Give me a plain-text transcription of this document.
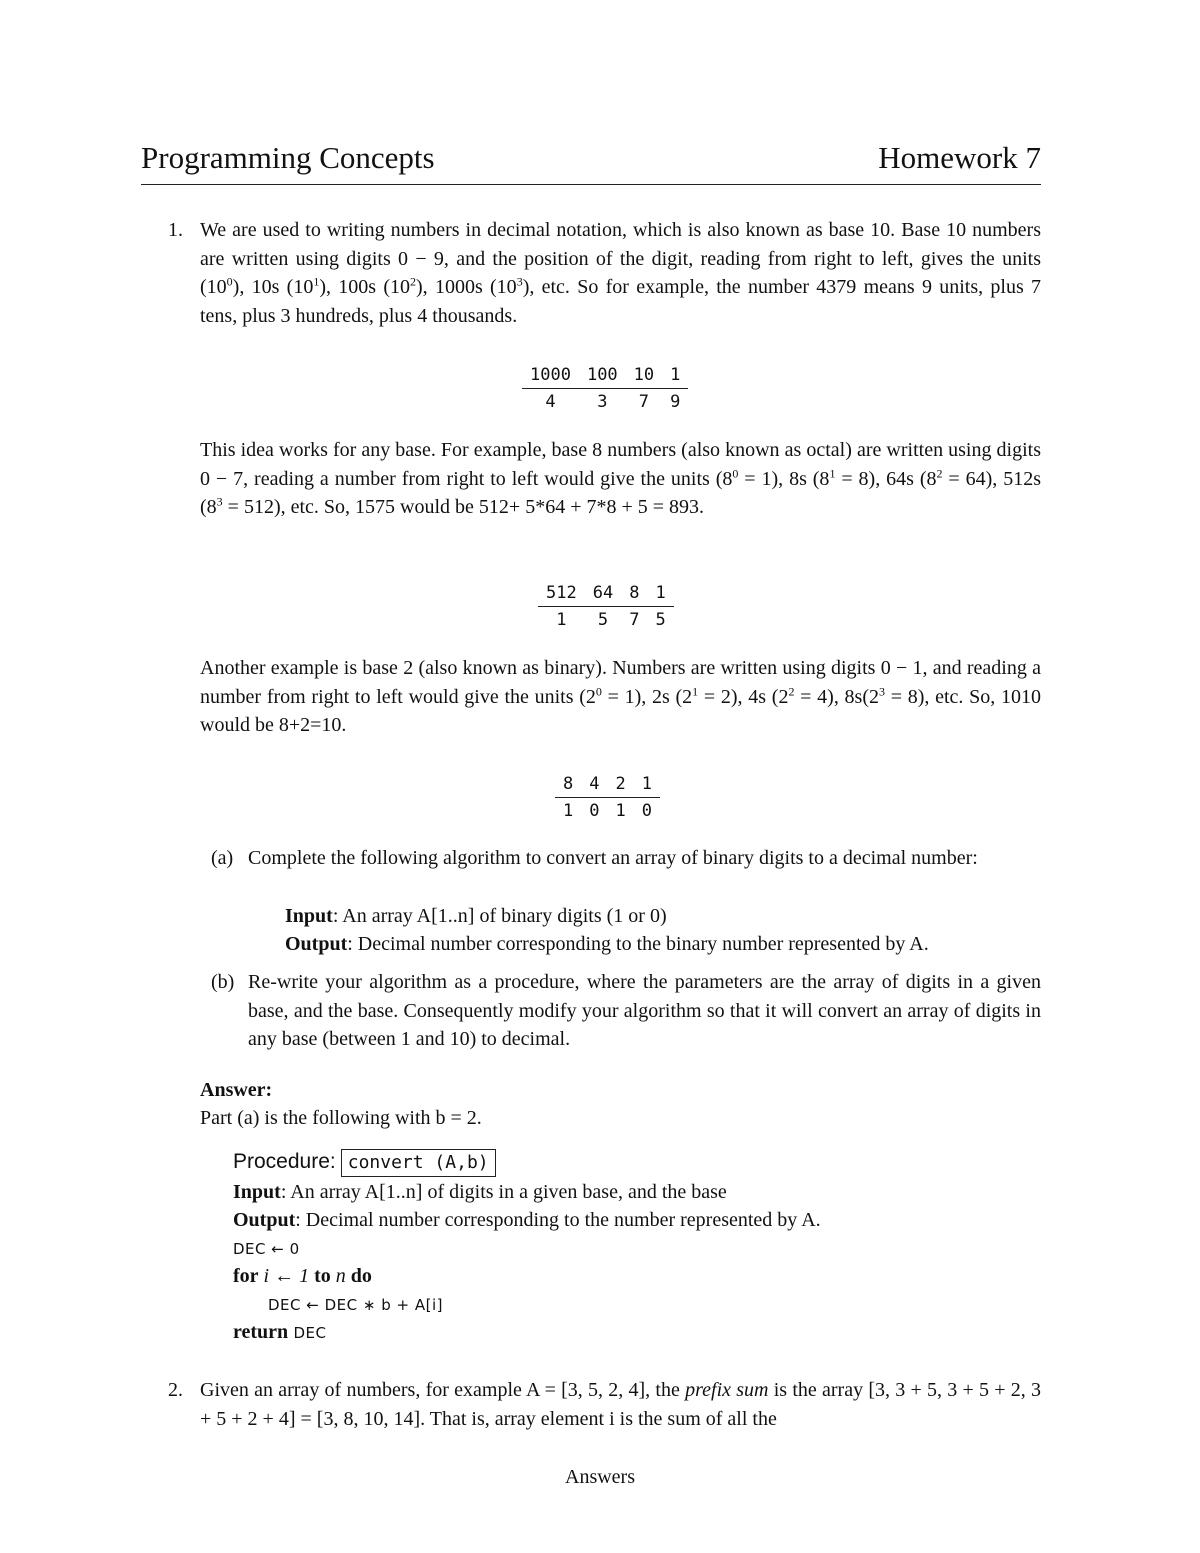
Programming Concepts	Homework 7
1. We are used to writing numbers in decimal notation, which is also known as base 10. Base 10 numbers are written using digits 0 − 9, and the position of the digit, reading from right to left, gives the units $(10^0)$, 10s $(10^1)$, 100s $(10^2)$, 1000s $(10^3)$, etc. So for example, the number 4379 means 9 units, plus 7 tens, plus 3 hundreds, plus 4 thousands.
1000	100	10	1
4	3	7	9
This idea works for any base. For example, base 8 numbers (also known as octal) are written using digits 0 − 7, reading a number from right to left would give the units $(8^0 = 1)$, 8s $(8^1 = 8)$, 64s $(8^2 = 64)$, 512s $(8^3 = 512)$, etc. So, 1575 would be 512+ 5*64 + 7*8 + 5 = 893.
512	64	8	1
1	5	7	5
Another example is base 2 (also known as binary). Numbers are written using digits 0 − 1, and reading a number from right to left would give the units $(2^0 = 1)$, 2s $(2^1 = 2)$, 4s $(2^2 = 4)$, $8s(2^3 = 8)$, etc. So, 1010 would be 8+2=10.
8	4	2	1
1	0	1	0
(a) Complete the following algorithm to convert an array of binary digits to a decimal number:
Input: An array A[1..n] of binary digits (1 or 0)
Output: Decimal number corresponding to the binary number represented by A.
(b) Re-write your algorithm as a procedure, where the parameters are the array of digits in a given base, and the base. Consequently modify your algorithm so that it will convert an array of digits in any base (between 1 and 10) to decimal.
Answer:
Part (a) is the following with b = 2.
Procedure: convert (A,b)
Input: An array A[1..n] of digits in a given base, and the base
Output: Decimal number corresponding to the number represented by A.
DEC ← 0
for i ← 1 to n do
DEC ← DEC ∗ b + A[i]
return DEC
2. Given an array of numbers, for example A = [3, 5, 2, 4], the prefix sum is the array [3, 3 + 5, 3 + 5 + 2, 3 + 5 + 2 + 4] = [3, 8, 10, 14]. That is, array element i is the sum of all the
Answers
